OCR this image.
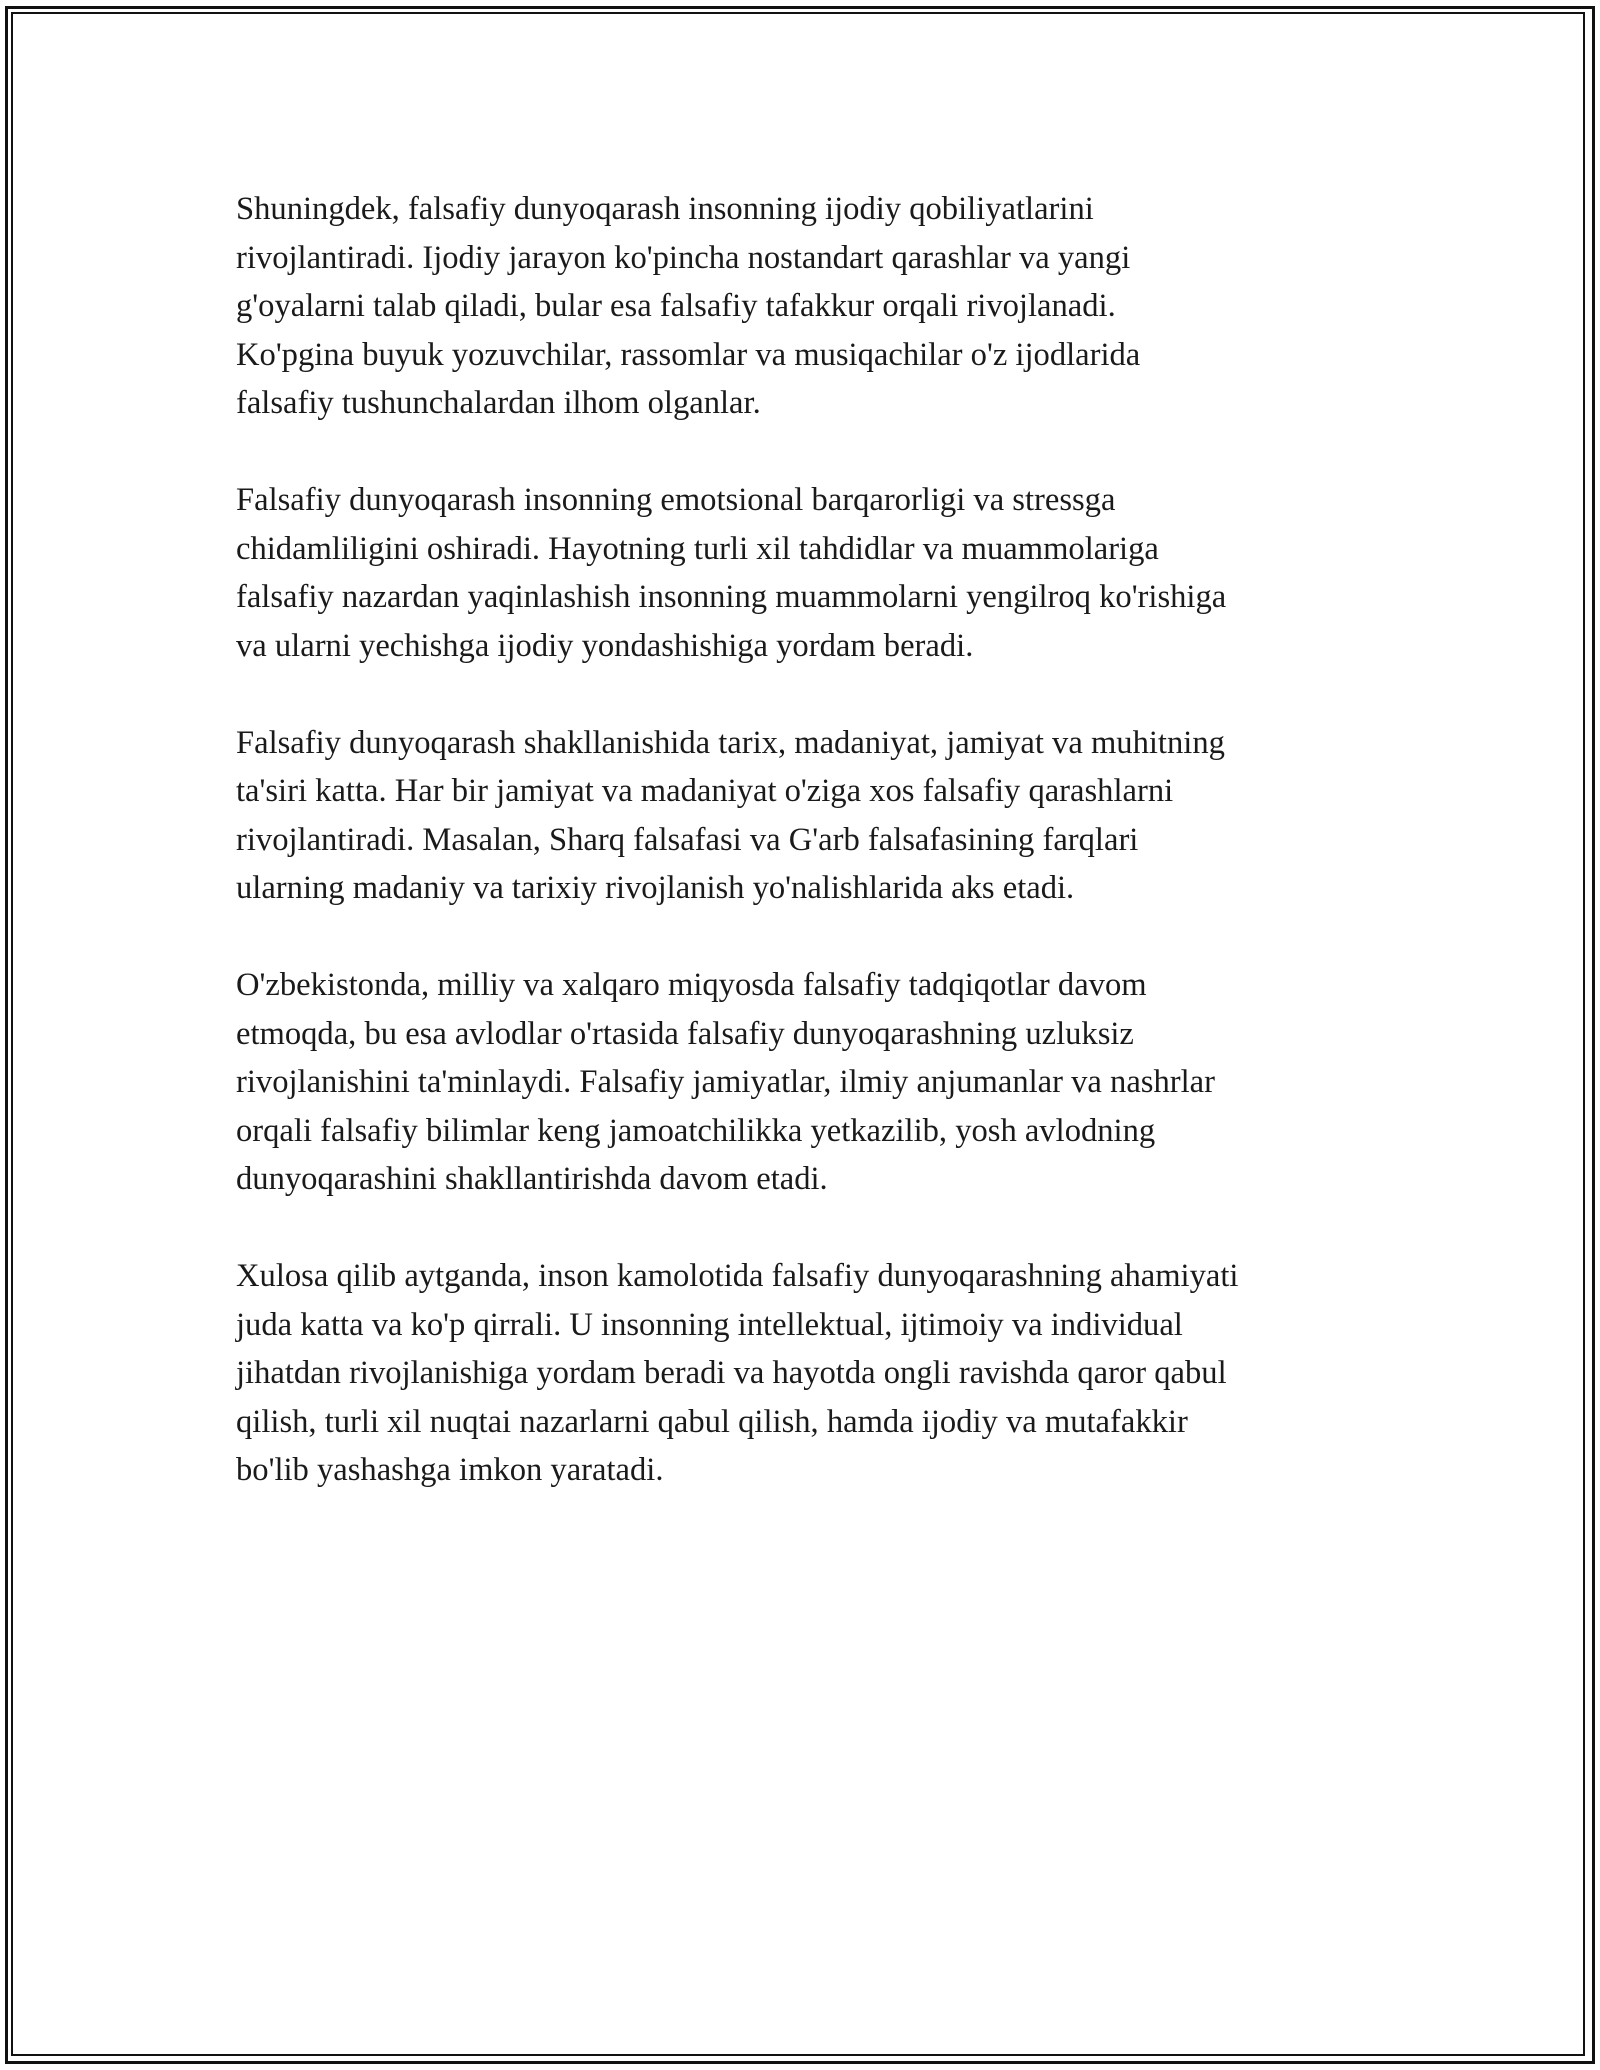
Shuningdek, falsafiy dunyoqarash insonning ijodiy qobiliyatlarini
rivojlantiradi. Ijodiy jarayon ko'pincha nostandart qarashlar va yangi
g'oyalarni talab qiladi, bular esa falsafiy tafakkur orqali rivojlanadi.
Ko'pgina buyuk yozuvchilar, rassomlar va musiqachilar o'z ijodlarida
falsafiy tushunchalardan ilhom olganlar.

Falsafiy dunyoqarash insonning emotsional barqarorligi va stressga
chidamliligini oshiradi. Hayotning turli xil tahdidlar va muammolariga
falsafiy nazardan yaqinlashish insonning muammolarni yengilroq ko'rishiga
va ularni yechishga ijodiy yondashishiga yordam beradi.

Falsafiy dunyoqarash shakllanishida tarix, madaniyat, jamiyat va muhitning
ta'siri katta. Har bir jamiyat va madaniyat o'ziga xos falsafiy qarashlarni
rivojlantiradi. Masalan, Sharq falsafasi va G'arb falsafasining farqlari
ularning madaniy va tarixiy rivojlanish yo'nalishlarida aks etadi.

O'zbekistonda, milliy va xalqaro miqyosda falsafiy tadqiqotlar davom
etmoqda, bu esa avlodlar o'rtasida falsafiy dunyoqarashning uzluksiz
rivojlanishini ta'minlaydi. Falsafiy jamiyatlar, ilmiy anjumanlar va nashrlar
orqali falsafiy bilimlar keng jamoatchilikka yetkazilib, yosh avlodning
dunyoqarashini shakllantirishda davom etadi.

Xulosa qilib aytganda, inson kamolotida falsafiy dunyoqarashning ahamiyati
juda katta va ko'p qirrali. U insonning intellektual, ijtimoiy va individual
jihatdan rivojlanishiga yordam beradi va hayotda ongli ravishda qaror qabul
qilish, turli xil nuqtai nazarlarni qabul qilish, hamda ijodiy va mutafakkir
bo'lib yashashga imkon yaratadi.
